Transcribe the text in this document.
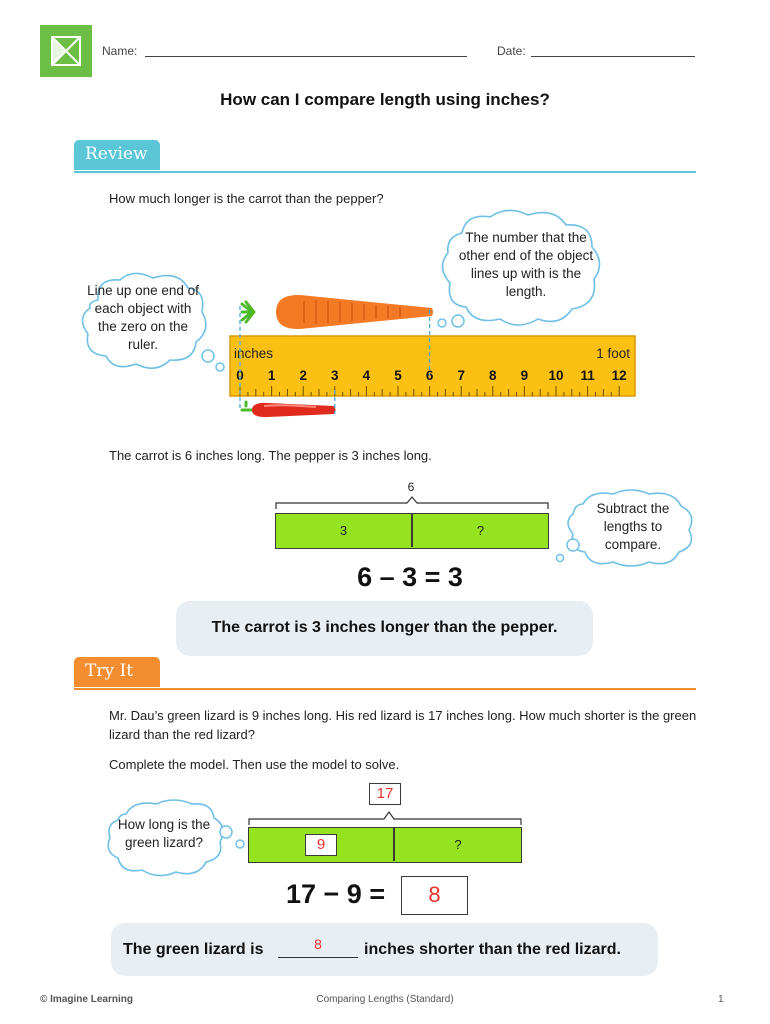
Name:	Date:
How can I compare length using inches?
Review
How much longer is the carrot than the pepper?
Line up one end of each object with the zero on the ruler.
The number that the other end of the object lines up with is the length.
inches	1 foot
0 1 2 3 4 5 6 7 8 9 10 11 12
The carrot is 6 inches long. The pepper is 3 inches long.
6
3	?
Subtract the lengths to compare.
6 – 3 = 3
The carrot is 3 inches longer than the pepper.
Try It
Mr. Dau’s green lizard is 9 inches long. His red lizard is 17 inches long. How much shorter is the green lizard than the red lizard?
Complete the model. Then use the model to solve.
How long is the green lizard?
17
9	?
17 − 9 =	8
The green lizard is	8	inches shorter than the red lizard.
© Imagine Learning	Comparing Lengths (Standard)	1
